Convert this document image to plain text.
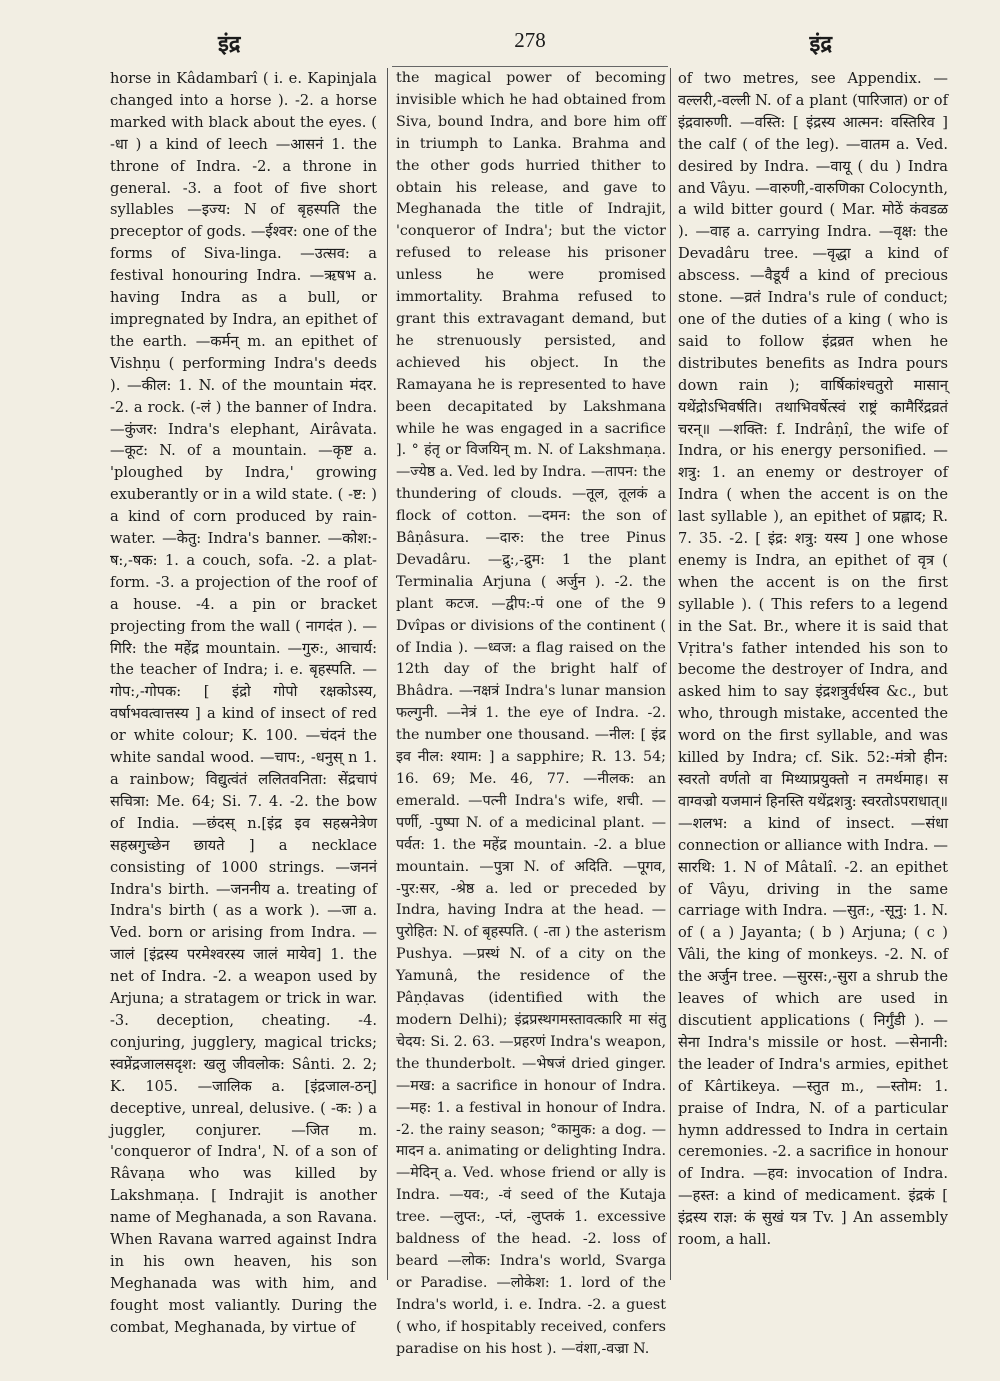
278
इंद्र	इंद्र

horse in Kâdambarî ( i. e. Kapinjala changed into a horse ). -2. a horse marked with black about the eyes. ( -धा ) a kind of leech —आसनं 1. the throne of Indra. -2. a throne in general. -3. a foot of five short syllables —इज्य: N of बृहस्पति the preceptor of gods. —ईश्वर: one of the forms of Siva-linga. —उत्सव: a festival honouring Indra. —ऋषभ a. having Indra as a bull, or impregnated by Indra, an epithet of the earth. —कर्मन् m. an epithet of Vishṇu ( performing Indra's deeds ). —कील: 1. N. of the mountain मंदर. -2. a rock. (-लं ) the banner of Indra. —कुंजर: Indra's elephant, Airâvata. —कूट: N. of a mountain. —कृष्ट a. 'ploughed by Indra,' growing exuberantly or in a wild state. ( -ष्ट: ) a kind of corn produced by rain-water. —केतु: Indra's banner. —कोश:-ष:,-षक: 1. a couch, sofa. -2. a plat-form. -3. a projection of the roof of a house. -4. a pin or bracket projecting from the wall ( नागदंत ). —गिरि: the महेंद्र mountain. —गुरु:, आचार्य: the teacher of Indra; i. e. बृहस्पति. —गोप:,-गोपक: [ इंद्रो गोपो रक्षकोऽस्य, वर्षाभवत्वात्तस्य ] a kind of insect of red or white colour; K. 100. —चंदनं the white sandal wood. —चाप:, -धनुस् n 1. a rainbow; विद्युत्वंतं ललितवनिता: सेंद्रचापं सचित्रा: Me. 64; Si. 7. 4. -2. the bow of India. —छंदस् n.[इंद्र इव सहस्रनेत्रेण सहस्रगुच्छेन छायते ] a necklace consisting of 1000 strings. —जननं Indra's birth. —जननीय a. treating of Indra's birth ( as a work ). —जा a. Ved. born or arising from Indra. —जालं [इंद्रस्य परमेश्वरस्य जालं मायेव] 1. the net of Indra. -2. a weapon used by Arjuna; a stratagem or trick in war. -3. deception, cheating. -4. conjuring, jugglery, magical tricks; स्वप्नेंद्रजालसदृश: खलु जीवलोक: Sânti. 2. 2; K. 105. —जालिक a. [इंद्रजाल-ठन्] deceptive, unreal, delusive. ( -क: ) a juggler, conjurer. —जित m. 'conqueror of Indra', N. of a son of Râvaṇa who was killed by Lakshmaṇa. [ Indrajit is another name of Meghanada, a son Ravana. When Ravana warred against Indra in his own heaven, his son Meghanada was with him, and fought most valiantly. During the combat, Meghanada, by virtue of

the magical power of becoming invisible which he had obtained from Siva, bound Indra, and bore him off in triumph to Lanka. Brahma and the other gods hurried thither to obtain his release, and gave to Meghanada the title of Indrajit, 'conqueror of Indra'; but the victor refused to release his prisoner unless he were promised immortality. Brahma refused to grant this extravagant demand, but he strenuously persisted, and achieved his object. In the Ramayana he is represented to have been decapitated by Lakshmana while he was engaged in a sacrifice ]. ° हंतृ or विजयिन् m. N. of Lakshmaṇa. —ज्येष्ठ a. Ved. led by Indra. —तापन: the thundering of clouds. —तूल, तूलकं a flock of cotton. —दमन: the son of Bâṇâsura. —दारु: the tree Pinus Devadâru. —द्रु:,-द्रुम: 1 the plant Terminalia Arjuna ( अर्जुन ). -2. the plant कटज. —द्वीप:-पं one of the 9 Dvîpas or divisions of the continent ( of India ). —ध्वज: a flag raised on the 12th day of the bright half of Bhâdra. —नक्षत्रं Indra's lunar mansion फल्गुनी. —नेत्रं 1. the eye of Indra. -2. the number one thousand. —नील: [ इंद्र इव नील: श्याम: ] a sapphire; R. 13. 54; 16. 69; Me. 46, 77. —नीलक: an emerald. —पत्नी Indra's wife, शची. —पर्णी, -पुष्पा N. of a medicinal plant. —पर्वत: 1. the महेंद्र mountain. -2. a blue mountain. —पुत्रा N. of अदिति. —पूगव, -पुर:सर, -श्रेष्ठ a. led or preceded by Indra, having Indra at the head. —पुरोहित: N. of बृहस्पति. ( -ता ) the asterism Pushya. —प्रस्थं N. of a city on the Yamunâ, the residence of the Pâṇḍavas (identified with the modern Delhi); इंद्रप्रस्थगमस्तावत्कारि मा संतु चेदय: Si. 2. 63. —प्रहरणं Indra's weapon, the thunderbolt. —भेषजं dried ginger. —मख: a sacrifice in honour of Indra. —मह: 1. a festival in honour of Indra. -2. the rainy season; °कामुक: a dog. —मादन a. animating or delighting Indra. —मेदिन् a. Ved. whose friend or ally is Indra. —यव:, -वं seed of the Kutaja tree. —लुप्त:, -प्तं, -लुप्तकं 1. excessive baldness of the head. -2. loss of beard —लोक: Indra's world, Svarga or Paradise. —लोकेश: 1. lord of the Indra's world, i. e. Indra. -2. a guest ( who, if hospitably received, confers paradise on his host ). —वंशा,-वज्रा N.

of two metres, see Appendix. —वल्लरी,-वल्ली N. of a plant (पारिजात) or of इंद्रवारुणी. —वस्ति: [ इंद्रस्य आत्मन: वस्तिरिव ] the calf ( of the leg). —वातम a. Ved. desired by Indra. —वायू ( du ) Indra and Vâyu. —वारुणी,-वारुणिका Colocynth, a wild bitter gourd ( Mar. मोठें कंवडळ ). —वाह a. carrying Indra. —वृक्ष: the Devadâru tree. —वृद्धा a kind of abscess. —वैडूर्यं a kind of precious stone. —व्रतं Indra's rule of conduct; one of the duties of a king ( who is said to follow इंद्रव्रत when he distributes benefits as Indra pours down rain ); वार्षिकांश्चतुरो मासान् यथेंद्रोऽभिवर्षति। तथाभिवर्षेत्स्वं राष्ट्रं कामैरिंद्रव्रतं चरन्॥ —शक्ति: f. Indrâṇî, the wife of Indra, or his energy personified. —शत्रु: 1. an enemy or destroyer of Indra ( when the accent is on the last syllable ), an epithet of प्रह्लाद; R. 7. 35. -2. [ इंद्र: शत्रु: यस्य ] one whose enemy is Indra, an epithet of वृत्र ( when the accent is on the first syllable ). ( This refers to a legend in the Sat. Br., where it is said that Vṛitra's father intended his son to become the destroyer of Indra, and asked him to say इंद्रशत्रुर्वर्धस्व &c., but who, through mistake, accented the word on the first syllable, and was killed by Indra; cf. Sik. 52:-मंत्रो हीन: स्वरतो वर्णतो वा मिथ्याप्रयुक्तो न तमर्थमाह। स वाग्वज्रो यजमानं हिनस्ति यथेंद्रशत्रु: स्वरतोऽपराधात्॥ —शलभ: a kind of insect. —संधा connection or alliance with Indra. —सारथि: 1. N of Mâtalî. -2. an epithet of Vâyu, driving in the same carriage with Indra. —सुत:, -सूनु: 1. N. of ( a ) Jayanta; ( b ) Arjuna; ( c ) Vâli, the king of monkeys. -2. N. of the अर्जुन tree. —सुरस:,-सुरा a shrub the leaves of which are used in discutient applications ( निर्गुंडी ). —सेना Indra's missile or host. —सेनानी: the leader of Indra's armies, epithet of Kârtikeya. —स्तुत m., —स्तोम: 1. praise of Indra, N. of a particular hymn addressed to Indra in certain ceremonies. -2. a sacrifice in honour of Indra. —हव: invocation of Indra. —हस्त: a kind of medicament. इंद्रकं [ इंद्रस्य राज्ञ: कं सुखं यत्र Tv. ] An assembly room, a hall.
